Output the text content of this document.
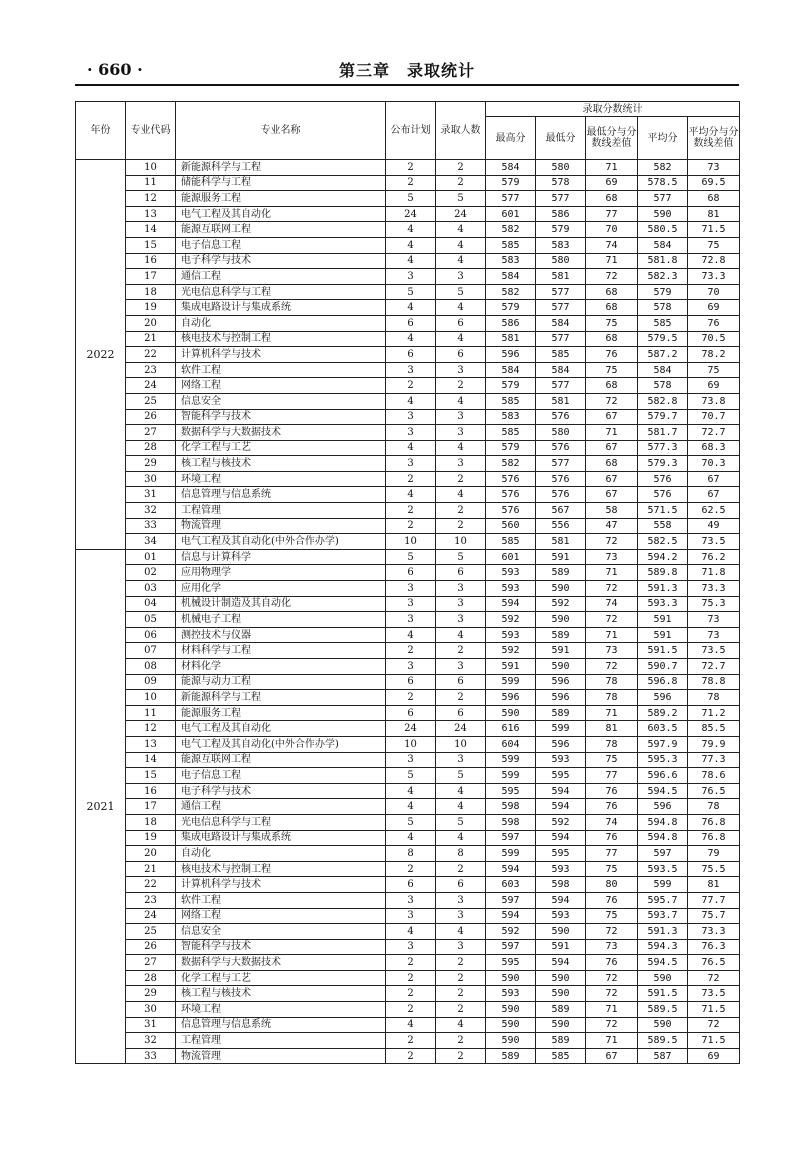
· 660 ·	第三章　录取统计
年份	专业代码	专业名称	公布计划	录取人数	录取分数统计				
					最高分	最低分	最低分与分数线差值	平均分	平均分与分数线差值
2022	10	新能源科学与工程	2	2	584	580	71	582	73
	11	储能科学与工程	2	2	579	578	69	578.5	69.5
	12	能源服务工程	5	5	577	577	68	577	68
	13	电气工程及其自动化	24	24	601	586	77	590	81
	14	能源互联网工程	4	4	582	579	70	580.5	71.5
	15	电子信息工程	4	4	585	583	74	584	75
	16	电子科学与技术	4	4	583	580	71	581.8	72.8
	17	通信工程	3	3	584	581	72	582.3	73.3
	18	光电信息科学与工程	5	5	582	577	68	579	70
	19	集成电路设计与集成系统	4	4	579	577	68	578	69
	20	自动化	6	6	586	584	75	585	76
	21	核电技术与控制工程	4	4	581	577	68	579.5	70.5
	22	计算机科学与技术	6	6	596	585	76	587.2	78.2
	23	软件工程	3	3	584	584	75	584	75
	24	网络工程	2	2	579	577	68	578	69
	25	信息安全	4	4	585	581	72	582.8	73.8
	26	智能科学与技术	3	3	583	576	67	579.7	70.7
	27	数据科学与大数据技术	3	3	585	580	71	581.7	72.7
	28	化学工程与工艺	4	4	579	576	67	577.3	68.3
	29	核工程与核技术	3	3	582	577	68	579.3	70.3
	30	环境工程	2	2	576	576	67	576	67
	31	信息管理与信息系统	4	4	576	576	67	576	67
	32	工程管理	2	2	576	567	58	571.5	62.5
	33	物流管理	2	2	560	556	47	558	49
	34	电气工程及其自动化(中外合作办学)	10	10	585	581	72	582.5	73.5
2021	01	信息与计算科学	5	5	601	591	73	594.2	76.2
	02	应用物理学	6	6	593	589	71	589.8	71.8
	03	应用化学	3	3	593	590	72	591.3	73.3
	04	机械设计制造及其自动化	3	3	594	592	74	593.3	75.3
	05	机械电子工程	3	3	592	590	72	591	73
	06	测控技术与仪器	4	4	593	589	71	591	73
	07	材料科学与工程	2	2	592	591	73	591.5	73.5
	08	材料化学	3	3	591	590	72	590.7	72.7
	09	能源与动力工程	6	6	599	596	78	596.8	78.8
	10	新能源科学与工程	2	2	596	596	78	596	78
	11	能源服务工程	6	6	590	589	71	589.2	71.2
	12	电气工程及其自动化	24	24	616	599	81	603.5	85.5
	13	电气工程及其自动化(中外合作办学)	10	10	604	596	78	597.9	79.9
	14	能源互联网工程	3	3	599	593	75	595.3	77.3
	15	电子信息工程	5	5	599	595	77	596.6	78.6
	16	电子科学与技术	4	4	595	594	76	594.5	76.5
	17	通信工程	4	4	598	594	76	596	78
	18	光电信息科学与工程	5	5	598	592	74	594.8	76.8
	19	集成电路设计与集成系统	4	4	597	594	76	594.8	76.8
	20	自动化	8	8	599	595	77	597	79
	21	核电技术与控制工程	2	2	594	593	75	593.5	75.5
	22	计算机科学与技术	6	6	603	598	80	599	81
	23	软件工程	3	3	597	594	76	595.7	77.7
	24	网络工程	3	3	594	593	75	593.7	75.7
	25	信息安全	4	4	592	590	72	591.3	73.3
	26	智能科学与技术	3	3	597	591	73	594.3	76.3
	27	数据科学与大数据技术	2	2	595	594	76	594.5	76.5
	28	化学工程与工艺	2	2	590	590	72	590	72
	29	核工程与核技术	2	2	593	590	72	591.5	73.5
	30	环境工程	2	2	590	589	71	589.5	71.5
	31	信息管理与信息系统	4	4	590	590	72	590	72
	32	工程管理	2	2	590	589	71	589.5	71.5
	33	物流管理	2	2	589	585	67	587	69
